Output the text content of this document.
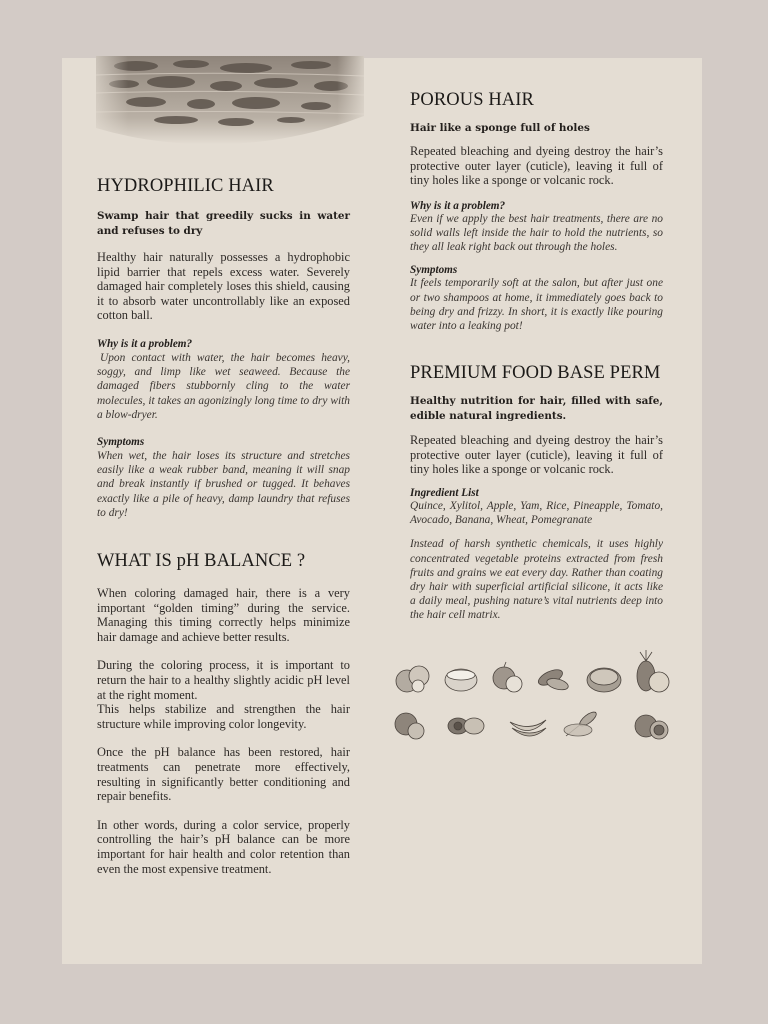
HYDROPHILIC HAIR

Swamp hair that greedily sucks in water and refuses to dry

Healthy hair naturally possesses a hydrophobic lipid barrier that repels excess water. Severely damaged hair completely loses this shield, causing it to absorb water uncontrollably like an exposed cotton ball.

Why is it a problem?

Upon contact with water, the hair becomes heavy, soggy, and limp like wet seaweed. Because the damaged fibers stubbornly cling to the water molecules, it takes an agonizingly long time to dry with a blow-dryer.

Symptoms

When wet, the hair loses its structure and stretches easily like a weak rubber band, meaning it will snap and break instantly if brushed or tugged. It behaves exactly like a pile of heavy, damp laundry that refuses to dry!

WHAT IS pH BALANCE ?

When coloring damaged hair, there is a very important “golden timing” during the service. Managing this timing correctly helps minimize hair damage and achieve better results.

During the coloring process, it is important to return the hair to a healthy slightly acidic pH level at the right moment.

This helps stabilize and strengthen the hair structure while improving color longevity.

Once the pH balance has been restored, hair treatments can penetrate more effectively, resulting in significantly better conditioning and repair benefits.

In other words, during a color service, properly controlling the hair’s pH balance can be more important for hair health and color retention than even the most expensive treatment.

POROUS HAIR

Hair like a sponge full of holes

Repeated bleaching and dyeing destroy the hair’s protective outer layer (cuticle), leaving it full of tiny holes like a sponge or volcanic rock.

Why is it a problem?

Even if we apply the best hair treatments, there are no solid walls left inside the hair to hold the nutrients, so they all leak right back out through the holes.

Symptoms

It feels temporarily soft at the salon, but after just one or two shampoos at home, it immediately goes back to being dry and frizzy. In short, it is exactly like pouring water into a leaking pot!

PREMIUM FOOD BASE PERM

Healthy nutrition for hair, filled with safe, edible natural ingredients.

Repeated bleaching and dyeing destroy the hair’s protective outer layer (cuticle), leaving it full of tiny holes like a sponge or volcanic rock.

Ingredient List

Quince, Xylitol, Apple, Yam, Rice, Pineapple, Tomato, Avocado, Banana, Wheat, Pomegranate

Instead of harsh synthetic chemicals, it uses highly concentrated vegetable proteins extracted from fresh fruits and grains we eat every day. Rather than coating dry hair with superficial artificial silicone, it acts like a daily meal, pushing nature’s vital nutrients deep into the hair cell matrix.
